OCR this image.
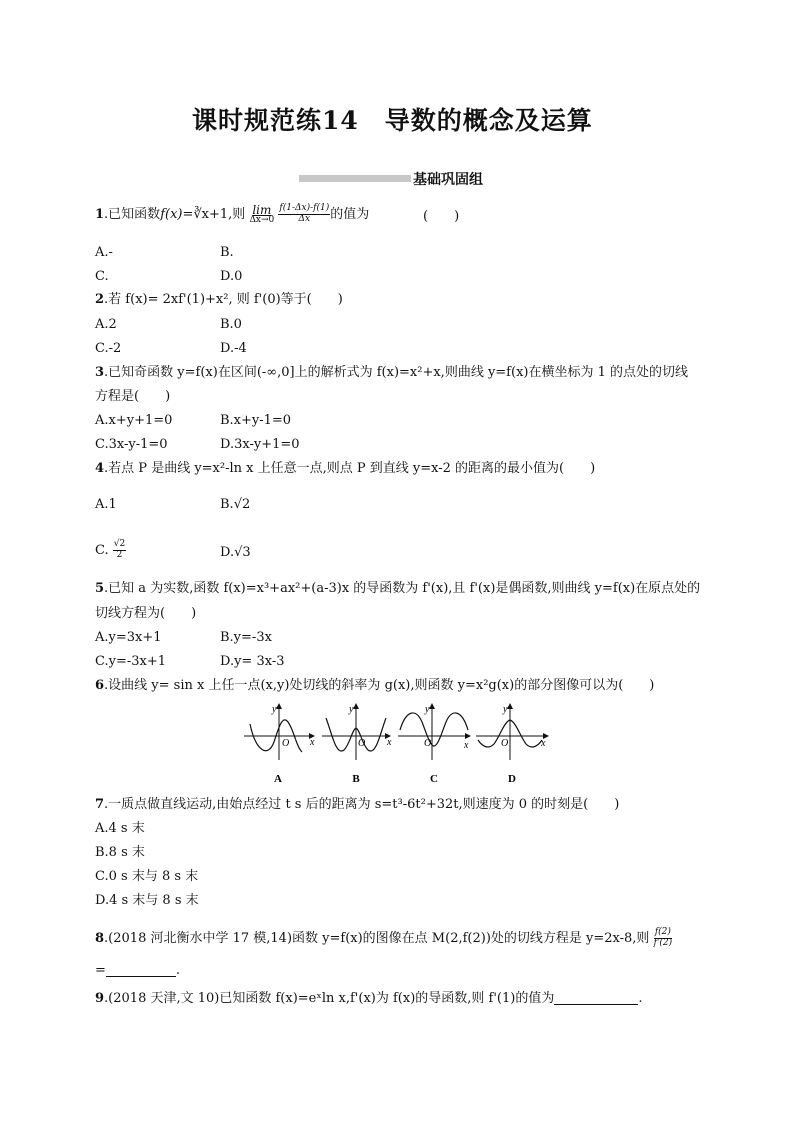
课时规范练14　导数的概念及运算
基础巩固组
1.已知函数f(x)=∛x+1,则 lim
Δx→0
$\frac{f(1-\Delta x)-f(1)}{\Delta x}$ 的值为	(　　)
A.-	B.
C.	D.0
2.若 f(x)= 2xf'(1)+x², 则 f'(0)等于(　　)
A.2	B.0
C.-2	D.-4
3.已知奇函数 y=f(x)在区间(-∞,0]上的解析式为 f(x)=x²+x,则曲线 y=f(x)在横坐标为 1 的点处的切线
方程是(　　)
A.x+y+1=0	B.x+y-1=0
C.3x-y-1=0	D.3x-y+1=0
4.若点 P 是曲线 y=x²-ln x 上任意一点,则点 P 到直线 y=x-2 的距离的最小值为(　　)
A.1	B.√2
C. $\frac{√2}{2}$	D.√3
5.已知 a 为实数,函数 f(x)=x³+ax²+(a-3)x 的导函数为 f'(x),且 f'(x)是偶函数,则曲线 y=f(x)在原点处的
切线方程为(　　)
A.y=3x+1	B.y=-3x
C.y=-3x+1	D.y= 3x-3
6.设曲线 y= sin x 上任一点(x,y)处切线的斜率为 g(x),则函数 y=x²g(x)的部分图像可以为(　　)
y
x
O
y
x
O
y
x
O
y
x
O
A	B	C	D
7.一质点做直线运动,由始点经过 t s 后的距离为 s=t³-6t²+32t,则速度为 0 的时刻是(　　)
A.4 s 末
B.8 s 末
C.0 s 末与 8 s 末
D.4 s 末与 8 s 末
8.(2018 河北衡水中学 17 模,14)函数 y=f(x)的图像在点 M(2,f(2))处的切线方程是 y=2x-8,则 $\frac{f(2)}{f'(2)}$
=	.
9.(2018 天津,文 10)已知函数 f(x)=eˣln x,f'(x)为 f(x)的导函数,则 f'(1)的值为	.
